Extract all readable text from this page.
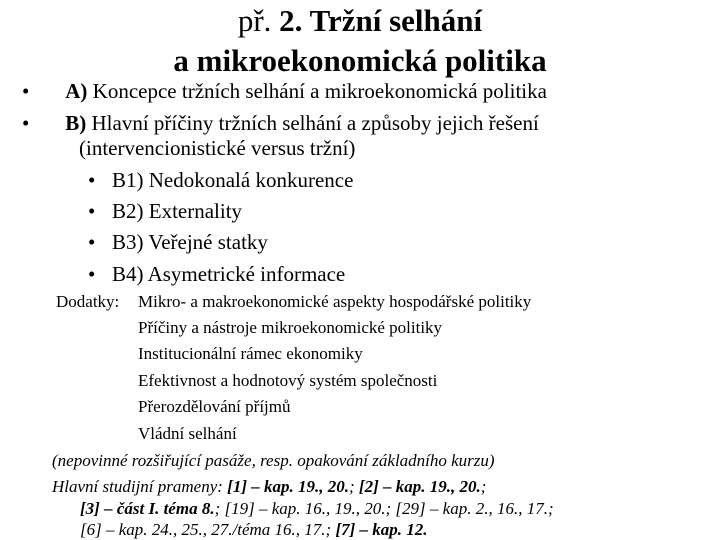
př. 2. Tržní selhání
a mikroekonomická politika
• A) Koncepce tržních selhání a mikroekonomická politika
• B) Hlavní příčiny tržních selhání a způsoby jejich řešení
(intervencionistické versus tržní)
• B1) Nedokonalá konkurence
• B2) Externality
• B3) Veřejné statky
• B4) Asymetrické informace
Dodatky: Mikro- a makroekonomické aspekty hospodářské politiky
Příčiny a nástroje mikroekonomické politiky
Institucionální rámec ekonomiky
Efektivnost a hodnotový systém společnosti
Přerozdělování příjmů
Vládní selhání
(nepovinné rozšiřující pasáže, resp. opakování základního kurzu)
Hlavní studijní prameny: [1] – kap. 19., 20.; [2] – kap. 19., 20.;
[3] – část I. téma 8.; [19] – kap. 16., 19., 20.; [29] – kap. 2., 16., 17.;
[6] – kap. 24., 25., 27./téma 16., 17.; [7] – kap. 12.
